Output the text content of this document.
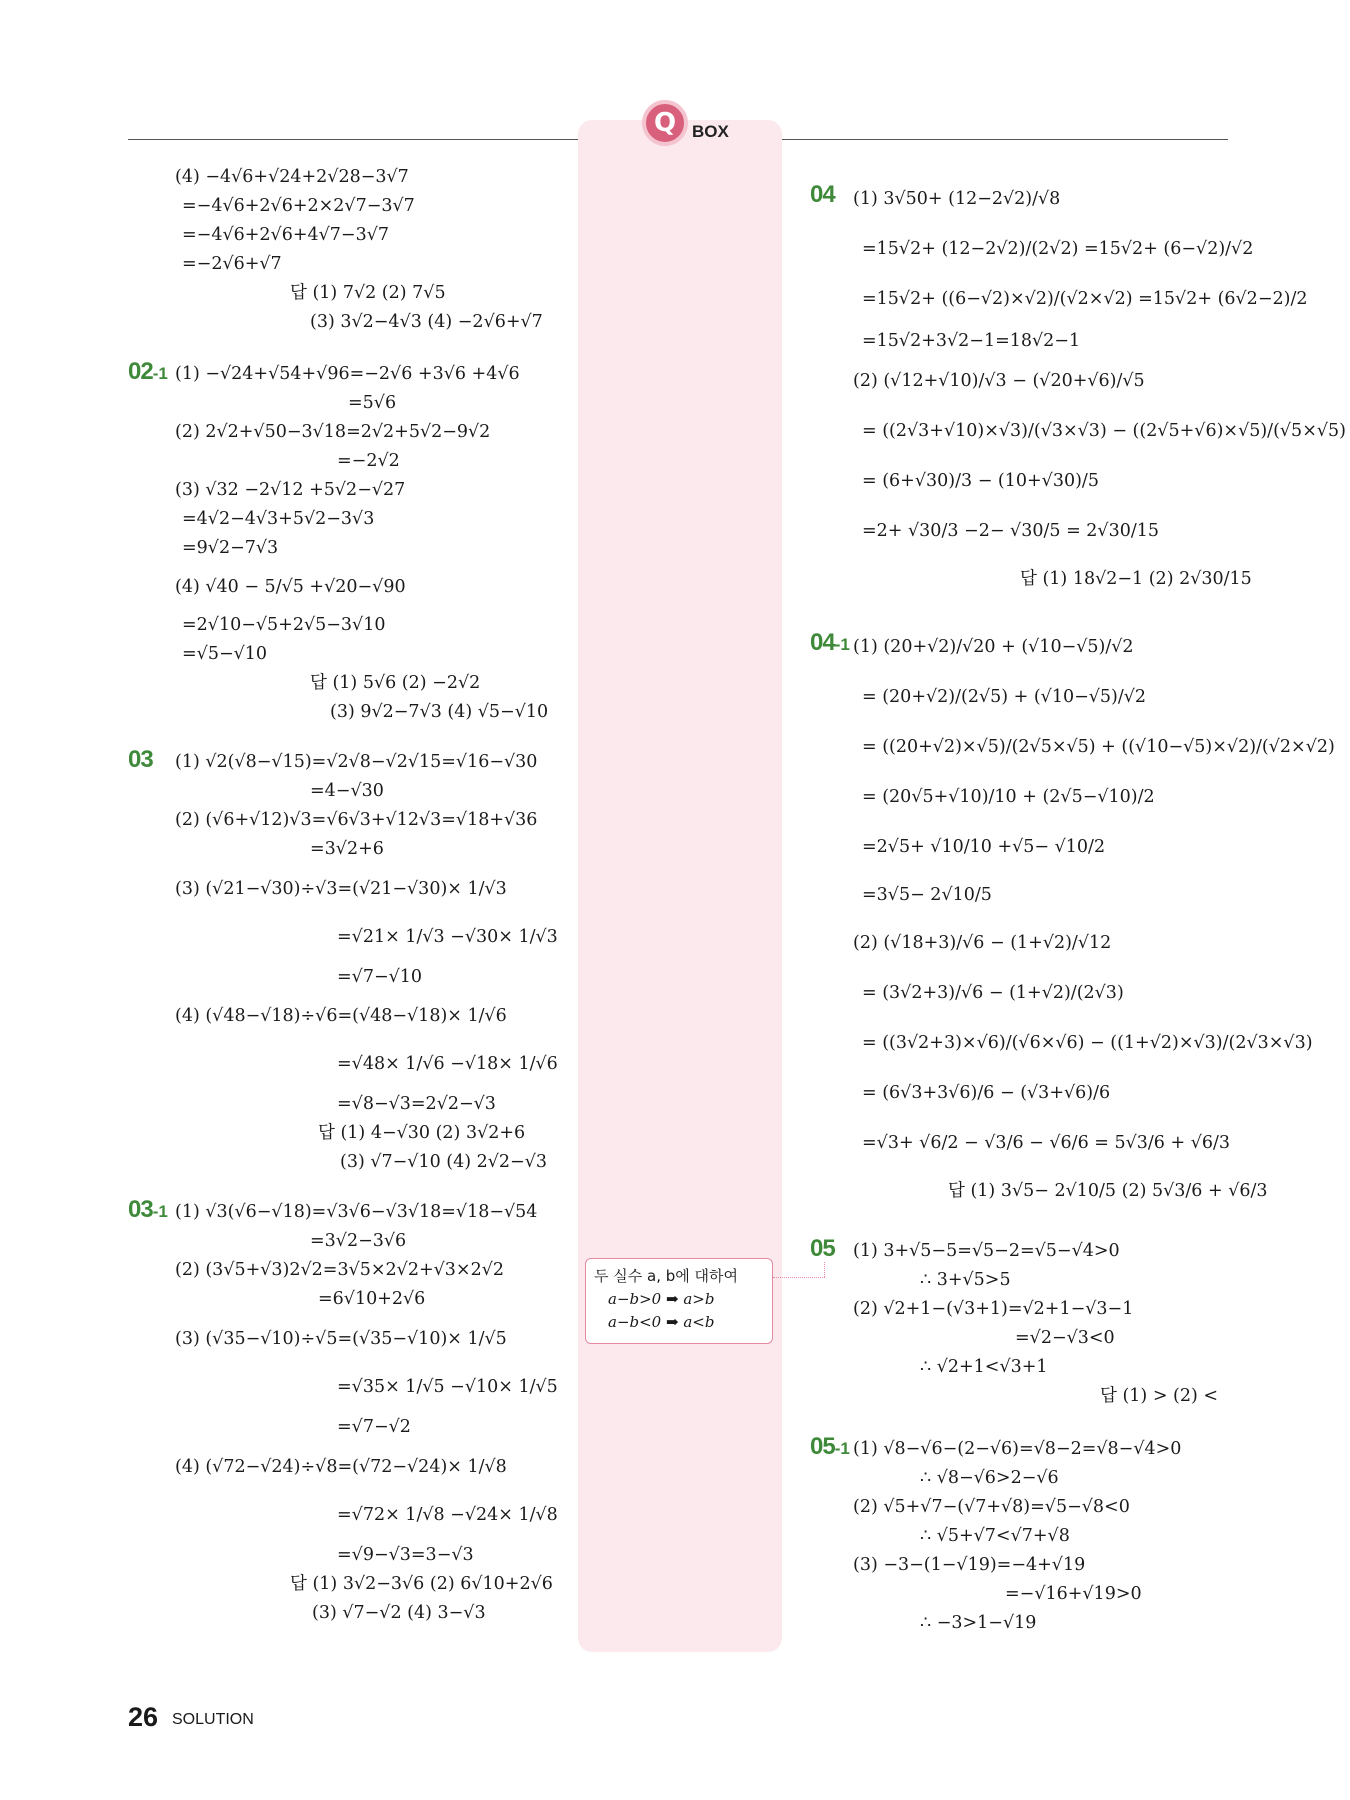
Q BOX
(4) −4√6+√24+2√28−3√7
=−4√6+2√6+2×2√7−3√7
=−4√6+2√6+4√7−3√7
=−2√6+√7
답 (1) 7√2 (2) 7√5
(3) 3√2−4√3 (4) −2√6+√7
(1) −√24+√54+√96=−2√6 +3√6 +4√6
=5√6
(2) 2√2+√50−3√18=2√2+5√2−9√2
=−2√2
(3) √32 −2√12 +5√2−√27
=4√2−4√3+5√2−3√3
=9√2−7√3
(4) √40 − 5/√5 +√20−√90
=2√10−√5+2√5−3√10
=√5−√10
답 (1) 5√6 (2) −2√2
(3) 9√2−7√3 (4) √5−√10
(1) √2(√8−√15)=√2√8−√2√15=√16−√30
=4−√30
(2) (√6+√12)√3=√6√3+√12√3=√18+√36
=3√2+6
(3) (√21−√30)÷√3=(√21−√30)× 1/√3
=√21× 1/√3 −√30× 1/√3
=√7−√10
(4) (√48−√18)÷√6=(√48−√18)× 1/√6
=√48× 1/√6 −√18× 1/√6
=√8−√3=2√2−√3
답 (1) 4−√30 (2) 3√2+6
(3) √7−√10 (4) 2√2−√3
(1) √3(√6−√18)=√3√6−√3√18=√18−√54
=3√2−3√6
(2) (3√5+√3)2√2=3√5×2√2+√3×2√2
=6√10+2√6
(3) (√35−√10)÷√5=(√35−√10)× 1/√5
=√35× 1/√5 −√10× 1/√5
=√7−√2
(4) (√72−√24)÷√8=(√72−√24)× 1/√8
=√72× 1/√8 −√24× 1/√8
=√9−√3=3−√3
답 (1) 3√2−3√6 (2) 6√10+2√6
(3) √7−√2 (4) 3−√3
(1) 3√50+ (12−2√2)/√8
=15√2+ (12−2√2)/(2√2) =15√2+ (6−√2)/√2
=15√2+ ((6−√2)×√2)/(√2×√2) =15√2+ (6√2−2)/2
=15√2+3√2−1=18√2−1
(2) (√12+√10)/√3 − (√20+√6)/√5
= ((2√3+√10)×√3)/(√3×√3) − ((2√5+√6)×√5)/(√5×√5)
= (6+√30)/3 − (10+√30)/5
=2+ √30/3 −2− √30/5 = 2√30/15
답 (1) 18√2−1 (2) 2√30/15
(1) (20+√2)/√20 + (√10−√5)/√2
= (20+√2)/(2√5) + (√10−√5)/√2
= ((20+√2)×√5)/(2√5×√5) + ((√10−√5)×√2)/(√2×√2)
= (20√5+√10)/10 + (2√5−√10)/2
=2√5+ √10/10 +√5− √10/2
=3√5− 2√10/5
(2) (√18+3)/√6 − (1+√2)/√12
= (3√2+3)/√6 − (1+√2)/(2√3)
= ((3√2+3)×√6)/(√6×√6) − ((1+√2)×√3)/(2√3×√3)
= (6√3+3√6)/6 − (√3+√6)/6
=√3+ √6/2 − √3/6 − √6/6 = 5√3/6 + √6/3
답 (1) 3√5− 2√10/5 (2) 5√3/6 + √6/3
(1) 3+√5−5=√5−2=√5−√4>0
∴ 3+√5>5
(2) √2+1−(√3+1)=√2+1−√3−1
=√2−√3<0
∴ √2+1<√3+1
답 (1) > (2) <
(1) √8−√6−(2−√6)=√8−2=√8−√4>0
∴ √8−√6>2−√6
(2) √5+√7−(√7+√8)=√5−√8<0
∴ √5+√7<√7+√8
(3) −3−(1−√19)=−4+√19
=−√16+√19>0
∴ −3>1−√19
02-1
03
03-1
04
04-1
05
05-1
두 실수 a, b에 대하여
a−b>0 ➡ a>b
a−b<0 ➡ a<b
26 SOLUTION
